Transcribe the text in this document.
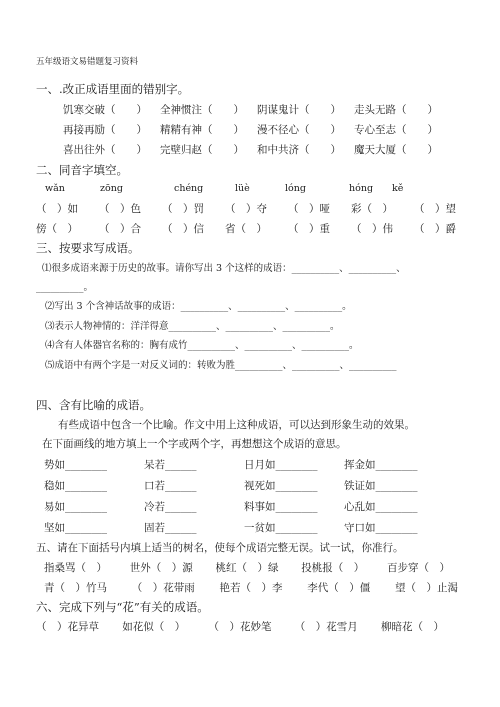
五年级语文易错题复习资料
一、.改正成语里面的错别字。
饥寒交破（　　）	全神惯注（　　）	阴谋鬼计（　　）	走头无路（　　）
再接再励（　　）	精精有神（　　）	漫不径心（　　）	专心至志（　　）
喜出往外（　　）	完壁归赵（　　）	和中共济（　　）	魔天大厦（　　）
二、同音字填空。
wǎn	zōng	chéng	lüè	lóng	hóng kě
（　）如 （　）色 （　）罚 （　）夺 （　）哑 彩（　） （　）望
傍（　） （　）合 （　）信 省（　） （　）重 （　）伟 （　）爵
三、按要求写成语。
⑴很多成语来源于历史的故事。请你写出 3 个这样的成语：__________、__________、
__________。
⑵写出 3 个含神话故事的成语：__________、__________、__________。
⑶表示人物神情的：洋洋得意__________、__________、__________。
⑷含有人体器官名称的：胸有成竹__________、__________、__________。
⑸成语中有两个字是一对反义词的：转败为胜__________、__________、__________
四、含有比喻的成语。
有些成语中包含一个比喻。作文中用上这种成语，可以达到形象生动的效果。
在下面画线的地方填上一个字或两个字，再想想这个成语的意思。
势如________	呆若______	日月如________	挥金如________
稳如________	口若______	视死如________	铁证如________
易如________	冷若______	料事如________	心乱如________
坚如________	固若______	一贫如________	守口如________
五、请在下面括号内填上适当的树名，使每个成语完整无误。试一试，你准行。
指桑骂（　） 世外（　）源 桃红（　）绿 投桃报（　） 百步穿（　）
青（　）竹马 （　）花带雨 艳若（　）李 李代（　）僵 望（　）止渴
六、完成下列与“花”有关的成语。
（　）花异草 如花似（　） （　）花妙笔 （　）花雪月 柳暗花（　）
